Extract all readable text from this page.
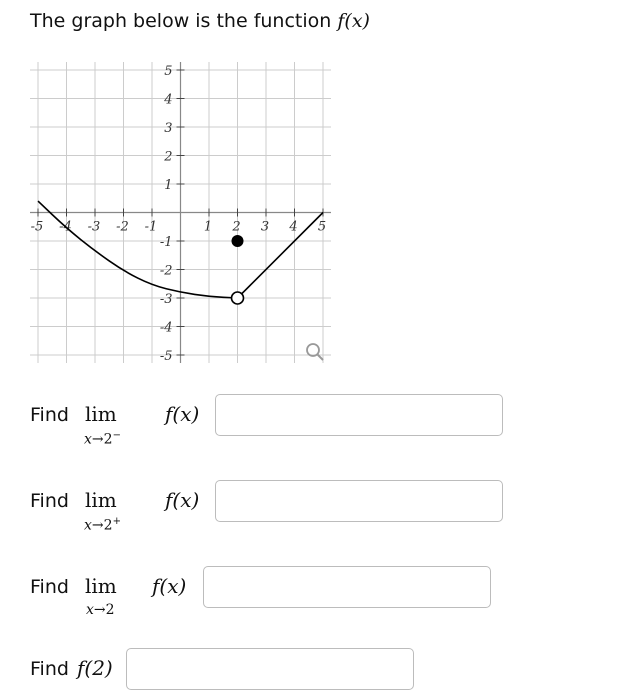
The graph below is the function f(x)
-5 -4 -3 -2 -1	1 2 3 4 5
5
4
3
2
1
-1
-2
-3
-4
-5
Find lim
x→2−
f(x)
Find lim
x→2+
f(x)
Find lim
x→2
f(x)
Find f(2)
